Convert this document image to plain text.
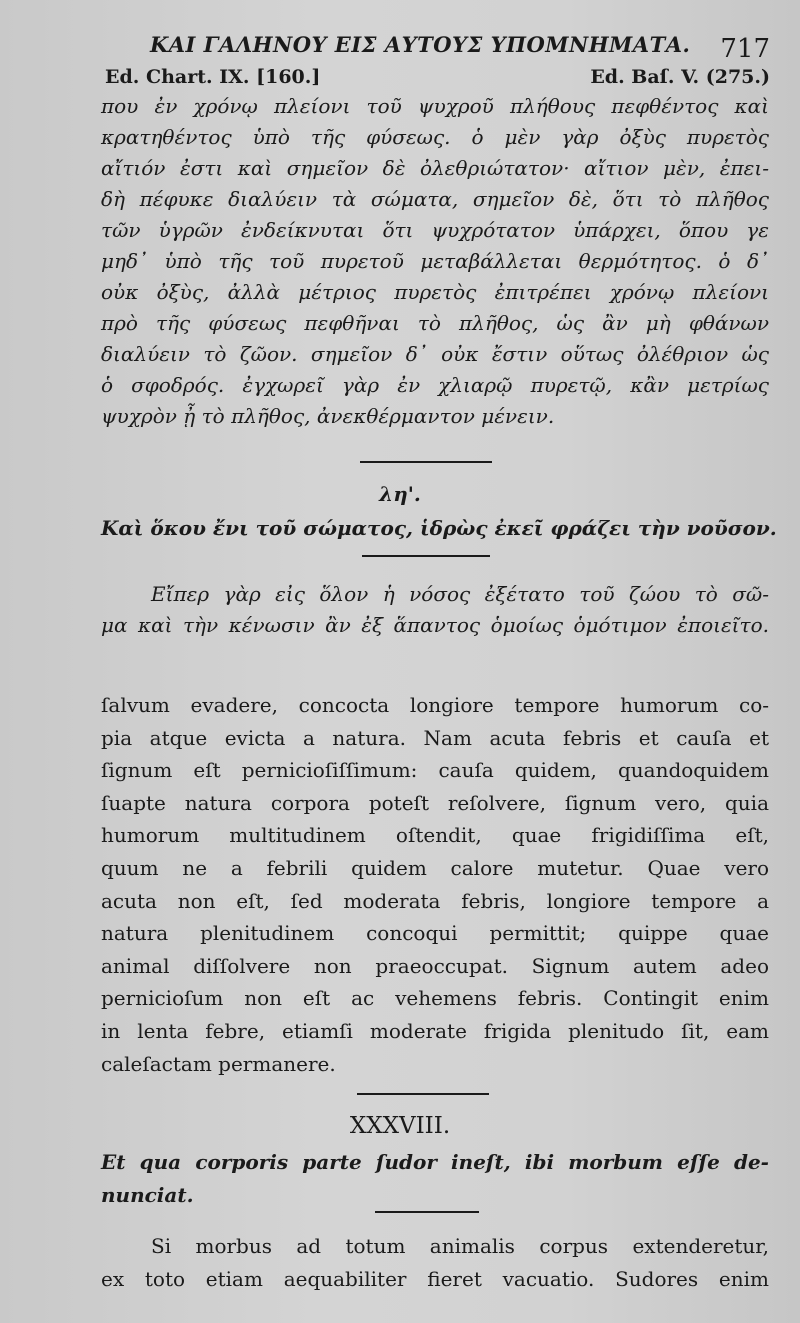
ΚΑΙ ΓΑΛΗΝΟΥ ΕΙΣ ΑΥΤΟΥΣ ΥΠΟΜΝΗΜΑΤΑ. 717
Ed. Chart. IX. [160.]	Ed. Baſ. V. (275.)
που ἐν χρόνῳ πλείονι τοῦ ψυχροῦ πλήθους πεφθέντος καὶ
κρατηθέντος ὑπὸ τῆς φύσεως. ὁ μὲν γὰρ ὀξὺς πυρετὸς
αἴτιόν ἐστι καὶ σημεῖον δὲ ὀλεθριώτατον· αἴτιον μὲν, ἐπει-
δὴ πέφυκε διαλύειν τὰ σώματα, σημεῖον δὲ, ὅτι τὸ πλῆθος
τῶν ὑγρῶν ἐνδείκνυται ὅτι ψυχρότατον ὑπάρχει, ὅπου γε
μηδ᾽ ὑπὸ τῆς τοῦ πυρετοῦ μεταβάλλεται θερμότητος. ὁ δ᾽
οὐκ ὀξὺς, ἀλλὰ μέτριος πυρετὸς ἐπιτρέπει χρόνῳ πλείονι
πρὸ τῆς φύσεως πεφθῆναι τὸ πλῆθος, ὡς ἂν μὴ φθάνων
διαλύειν τὸ ζῶον. σημεῖον δ᾽ οὐκ ἔστιν οὕτως ὀλέθριον ὡς
ὁ σφοδρός. ἐγχωρεῖ γὰρ ἐν χλιαρῷ πυρετῷ, κἂν μετρίως
ψυχρὸν ᾖ τὸ πλῆθος, ἀνεκθέρμαντον μένειν.
λη'.
Καὶ ὅκου ἔνι τοῦ σώματος, ἱδρὼς ἐκεῖ φράζει τὴν νοῦσον.
Εἴπερ γὰρ εἰς ὅλον ἡ νόσος ἐξέτατο τοῦ ζώου τὸ σῶ-
μα καὶ τὴν κένωσιν ἂν ἐξ ἅπαντος ὁμοίως ὁμότιμον ἐποιεῖτο.
ſalvum evadere, concocta longiore tempore humorum co-
pia atque evicta a natura. Nam acuta febris et cauſa et
ſignum eſt pernicioſiſſimum: cauſa quidem, quandoquidem
ſuapte natura corpora poteſt reſolvere, ſignum vero, quia
humorum multitudinem oſtendit, quae frigidiſſima eſt,
quum ne a febrili quidem calore mutetur. Quae vero
acuta non eſt, ſed moderata febris, longiore tempore a
natura plenitudinem concoqui permittit; quippe quae
animal diſſolvere non praeoccupat. Signum autem adeo
pernicioſum non eſt ac vehemens febris. Contingit enim
in lenta febre, etiamſi moderate frigida plenitudo ſit, eam
caleſactam permanere.
XXXVIII.
Et qua corporis parte ſudor ineſt, ibi morbum eſſe de-
nunciat.
Si morbus ad totum animalis corpus extenderetur,
ex toto etiam aequabiliter fieret vacuatio. Sudores enim
